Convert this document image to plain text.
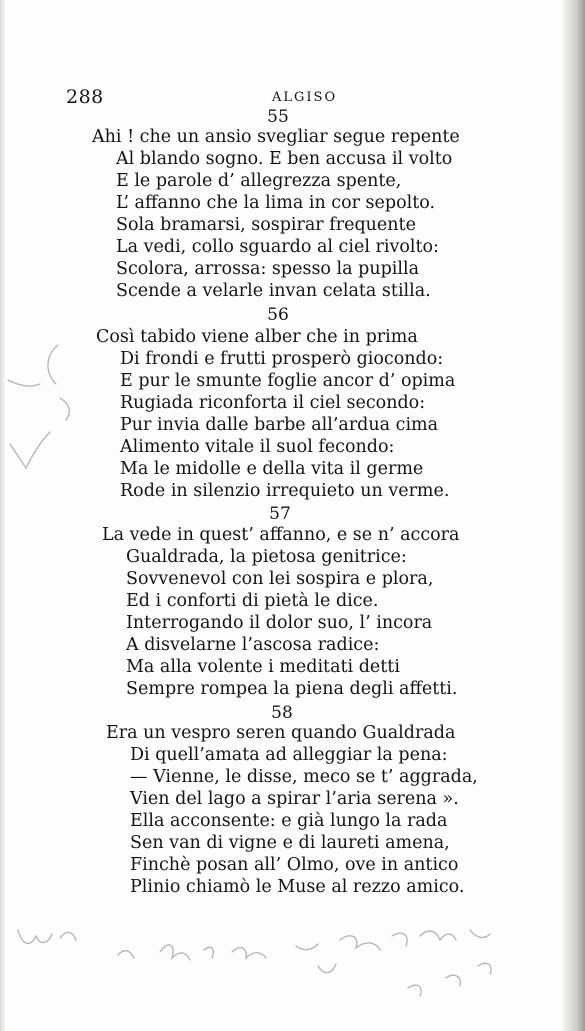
288	ALGISO
55
Ahi ! che un ansio svegliar segue repente
Al blando sogno. E ben accusa il volto
E le parole d’ allegrezza spente,
L’ affanno che la lima in cor sepolto.
Sola bramarsi, sospirar frequente
La vedi, collo sguardo al ciel rivolto:
Scolora, arrossa: spesso la pupilla
Scende a velarle invan celata stilla.
56
Così tabido viene alber che in prima
Di frondi e frutti prosperò giocondo:
E pur le smunte foglie ancor d’ opima
Rugiada riconforta il ciel secondo:
Pur invia dalle barbe all’ardua cima
Alimento vitale il suol fecondo:
Ma le midolle e della vita il germe
Rode in silenzio irrequieto un verme.
57
La vede in quest’ affanno, e se n’ accora
Gualdrada, la pietosa genitrice:
Sovvenevol con lei sospira e plora,
Ed i conforti di pietà le dice.
Interrogando il dolor suo, l’ incora
A disvelarne l’ascosa radice:
Ma alla volente i meditati detti
Sempre rompea la piena degli affetti.
58
Era un vespro seren quando Gualdrada
Di quell’amata ad alleggiar la pena:
— Vienne, le disse, meco se t’ aggrada,
Vien del lago a spirar l’aria serena ».
Ella acconsente: e già lungo la rada
Sen van di vigne e di laureti amena,
Finchè posan all’ Olmo, ove in antico
Plinio chiamò le Muse al rezzo amico.
